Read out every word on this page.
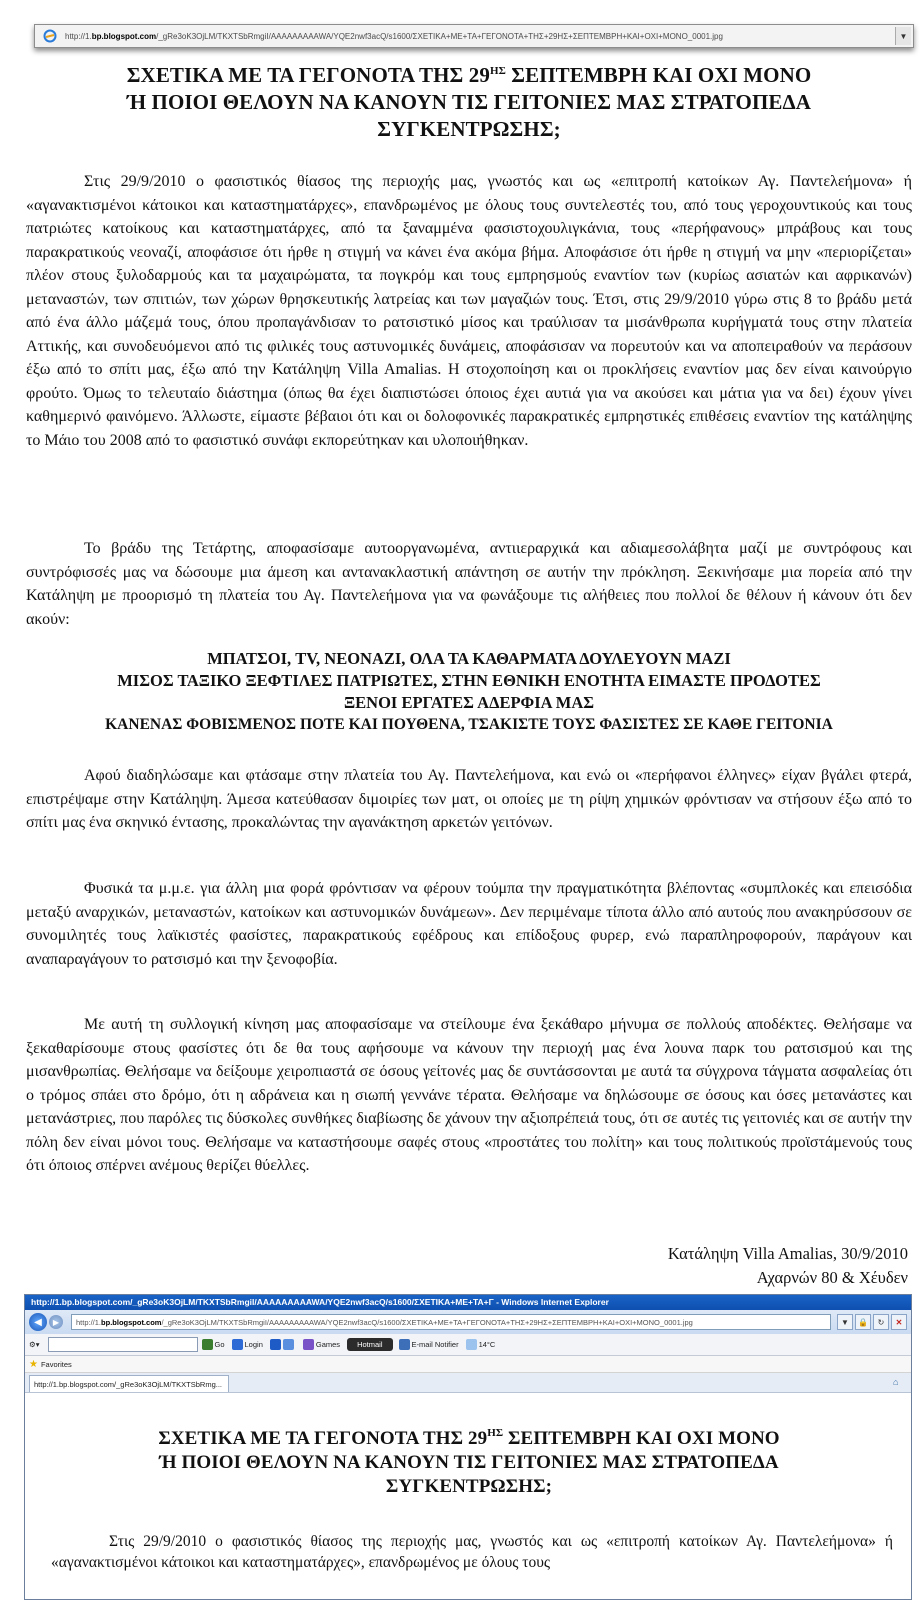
http://1.bp.blogspot.com/_gRe3oK3OjLM/TKXTSbRmgiI/AAAAAAAAAWA/YQE2nwf3acQ/s1600/ΣΧΕΤΙΚΑ+ΜΕ+ΤΑ+ΓΕΓΟΝΟΤΑ+ΤΗΣ+29ΗΣ+ΣΕΠΤΕΜΒΡΗ+ΚΑΙ+ΟΧΙ+ΜΟΝΟ_0001.jpg	▼
ΣΧΕΤΙΚΑ ΜΕ ΤΑ ΓΕΓΟΝΟΤΑ ΤΗΣ $29^{H\Sigma}$ ΣΕΠΤΕΜΒΡΗ ΚΑΙ ΟΧΙ ΜΟΝΟ
Ή ΠΟΙΟΙ ΘΕΛΟΥΝ ΝΑ ΚΑΝΟΥΝ ΤΙΣ ΓΕΙΤΟΝΙΕΣ ΜΑΣ ΣΤΡΑΤΟΠΕΔΑ
ΣΥΓΚΕΝΤΡΩΣΗΣ;
Στις 29/9/2010 ο φασιστικός θίασος της περιοχής μας, γνωστός και ως «επιτροπή κατοίκων Αγ. Παντελεήμονα» ή «αγανακτισμένοι κάτοικοι και καταστηματάρχες», επανδρωμένος με όλους τους συντελεστές του, από τους γεροχουντικούς και τους πατριώτες κατοίκους και καταστηματάρχες, από τα ξαναμμένα φασιστοχουλιγκάνια, τους «περήφανους» μπράβους και τους παρακρατικούς νεοναζί, αποφάσισε ότι ήρθε η στιγμή να κάνει ένα ακόμα βήμα. Αποφάσισε ότι ήρθε η στιγμή να μην «περιορίζεται» πλέον στους ξυλοδαρμούς και τα μαχαιρώματα, τα πογκρόμ και τους εμπρησμούς εναντίον των (κυρίως ασιατών και αφρικανών) μεταναστών, των σπιτιών, των χώρων θρησκευτικής λατρείας και των μαγαζιών τους. Έτσι, στις 29/9/2010 γύρω στις 8 το βράδυ μετά από ένα άλλο μάζεμά τους, όπου προπαγάνδισαν το ρατσιστικό μίσος και τραύλισαν τα μισάνθρωπα κυρήγματά τους στην πλατεία Αττικής, και συνοδευόμενοι από τις φιλικές τους αστυνομικές δυνάμεις, αποφάσισαν να πορευτούν και να αποπειραθούν να περάσουν έξω από το σπίτι μας, έξω από την Κατάληψη Villa Amalias. Η στοχοποίηση και οι προκλήσεις εναντίον μας δεν είναι καινούργιο φρούτο. Όμως το τελευταίο διάστημα (όπως θα έχει διαπιστώσει όποιος έχει αυτιά για να ακούσει και μάτια για να δει) έχουν γίνει καθημερινό φαινόμενο. Άλλωστε, είμαστε βέβαιοι ότι και οι δολοφονικές παρακρατικές εμπρηστικές επιθέσεις εναντίον της κατάληψης το Μάιο του 2008 από το φασιστικό συνάφι εκπορεύτηκαν και υλοποιήθηκαν.
Το βράδυ της Τετάρτης, αποφασίσαμε αυτοοργανωμένα, αντιιεραρχικά και αδιαμεσολάβητα μαζί με συντρόφους και συντρόφισσές μας να δώσουμε μια άμεση και αντανακλαστική απάντηση σε αυτήν την πρόκληση. Ξεκινήσαμε μια πορεία από την Κατάληψη με προορισμό τη πλατεία του Αγ. Παντελεήμονα για να φωνάξουμε τις αλήθειες που πολλοί δε θέλουν ή κάνουν ότι δεν ακούν:
ΜΠΑΤΣΟΙ, TV, ΝΕΟΝΑΖΙ, ΟΛΑ ΤΑ ΚΑΘΑΡΜΑΤΑ ΔΟΥΛΕΥΟΥΝ ΜΑΖΙ
ΜΙΣΟΣ ΤΑΞΙΚΟ ΞΕΦΤΙΛΕΣ ΠΑΤΡΙΩΤΕΣ, ΣΤΗΝ ΕΘΝΙΚΗ ΕΝΟΤΗΤΑ ΕΙΜΑΣΤΕ ΠΡΟΔΟΤΕΣ
ΞΕΝΟΙ ΕΡΓΑΤΕΣ ΑΔΕΡΦΙΑ ΜΑΣ
ΚΑΝΕΝΑΣ ΦΟΒΙΣΜΕΝΟΣ ΠΟΤΕ ΚΑΙ ΠΟΥΘΕΝΑ, ΤΣΑΚΙΣΤΕ ΤΟΥΣ ΦΑΣΙΣΤΕΣ ΣΕ ΚΑΘΕ ΓΕΙΤΟΝΙΑ
Αφού διαδηλώσαμε και φτάσαμε στην πλατεία του Αγ. Παντελεήμονα, και ενώ οι «περήφανοι έλληνες» είχαν βγάλει φτερά, επιστρέψαμε στην Κατάληψη. Άμεσα κατεύθασαν διμοιρίες των ματ, οι οποίες με τη ρίψη χημικών φρόντισαν να στήσουν έξω από το σπίτι μας ένα σκηνικό έντασης, προκαλώντας την αγανάκτηση αρκετών γειτόνων.
Φυσικά τα μ.μ.ε. για άλλη μια φορά φρόντισαν να φέρουν τούμπα την πραγματικότητα βλέποντας «συμπλοκές και επεισόδια μεταξύ αναρχικών, μεταναστών, κατοίκων και αστυνομικών δυνάμεων». Δεν περιμέναμε τίποτα άλλο από αυτούς που ανακηρύσσουν σε συνομιλητές τους λαϊκιστές φασίστες, παρακρατικούς εφέδρους και επίδοξους φυρερ, ενώ παραπληροφορούν, παράγουν και αναπαραγάγουν το ρατσισμό και την ξενοφοβία.
Με αυτή τη συλλογική κίνηση μας αποφασίσαμε να στείλουμε ένα ξεκάθαρο μήνυμα σε πολλούς αποδέκτες. Θελήσαμε να ξεκαθαρίσουμε στους φασίστες ότι δε θα τους αφήσουμε να κάνουν την περιοχή μας ένα λουνα παρκ του ρατσισμού και της μισανθρωπίας. Θελήσαμε να δείξουμε χειροπιαστά σε όσους γείτονές μας δε συντάσσονται με αυτά τα σύγχρονα τάγματα ασφαλείας ότι ο τρόμος σπάει στο δρόμο, ότι η αδράνεια και η σιωπή γεννάνε τέρατα. Θελήσαμε να δηλώσουμε σε όσους και όσες μετανάστες και μετανάστριες, που παρόλες τις δύσκολες συνθήκες διαβίωσης δε χάνουν την αξιοπρέπειά τους, ότι σε αυτές τις γειτονιές και σε αυτήν την πόλη δεν είναι μόνοι τους. Θελήσαμε να καταστήσουμε σαφές στους «προστάτες του πολίτη» και τους πολιτικούς προϊστάμενούς τους ότι όποιος σπέρνει ανέμους θερίζει θύελλες.
Κατάληψη Villa Amalias, 30/9/2010
Αχαρνών 80 & Χέυδεν
http://1.bp.blogspot.com/_gRe3oK3OjLM/TKXTSbRmgiI/AAAAAAAAAWA/YQE2nwf3acQ/s1600/ΣΧΕΤΙΚΑ+ΜΕ+ΤΑ+Γ - Windows Internet Explorer
◀	▶	http://1. bp.blogspot.com /_gRe3oK3OjLM/TKXTSbRmgiI/AAAAAAAAAWA/YQE2nwf3acQ/s1600/ΣΧΕΤΙΚΑ+ΜΕ+ΤΑ+ΓΕΓΟΝΟΤΑ+ΤΗΣ+29ΗΣ+ΣΕΠΤΕΜΒΡΗ+ΚΑΙ+ΟΧΙ+ΜΟΝΟ_0001.jpg	▼	🔒	↻	✕
⚙▾	Go	Login	Games	Hotmail	E-mail Notifier	14°C
★ Favorites
http://1.bp.blogspot.com/_gRe3oK3OjLM/TKXTSbRmg...	⌂
ΣΧΕΤΙΚΑ ΜΕ ΤΑ ΓΕΓΟΝΟΤΑ ΤΗΣ $29^{H\Sigma}$ ΣΕΠΤΕΜΒΡΗ ΚΑΙ ΟΧΙ ΜΟΝΟ
Ή ΠΟΙΟΙ ΘΕΛΟΥΝ ΝΑ ΚΑΝΟΥΝ ΤΙΣ ΓΕΙΤΟΝΙΕΣ ΜΑΣ ΣΤΡΑΤΟΠΕΔΑ
ΣΥΓΚΕΝΤΡΩΣΗΣ;
Στις 29/9/2010 ο φασιστικός θίασος της περιοχής μας, γνωστός και ως «επιτροπή κατοίκων Αγ. Παντελεήμονα» ή «αγανακτισμένοι κάτοικοι και καταστηματάρχες», επανδρωμένος με όλους τους
